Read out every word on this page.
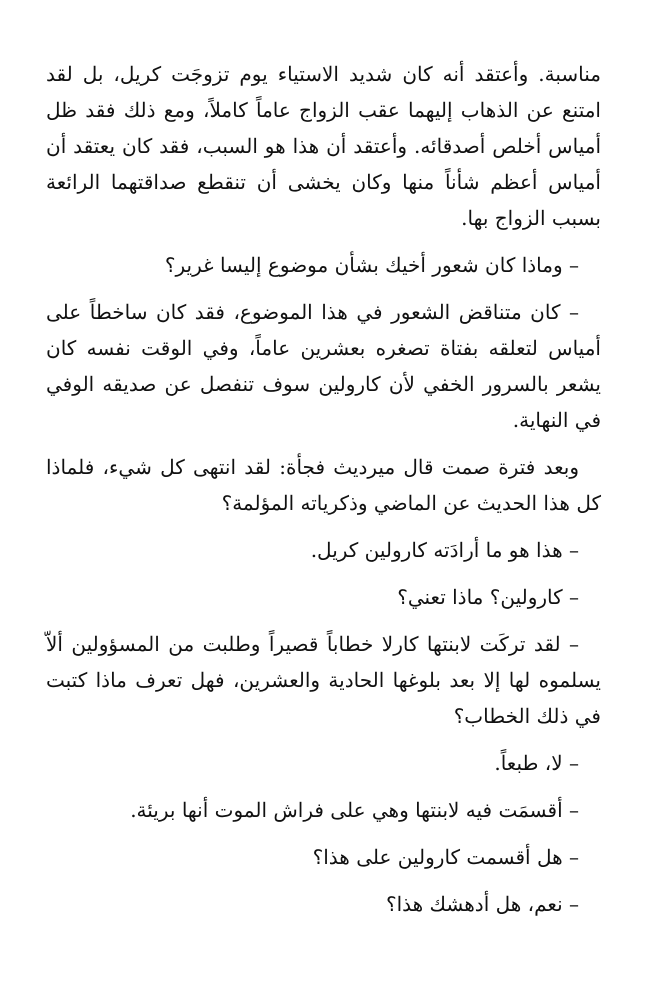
مناسبة. وأعتقد أنه كان شديد الاستياء يوم تزوجَت كريل، بل لقد امتنع عن الذهاب إليهما عقب الزواج عاماً كاملاً، ومع ذلك فقد ظل أمياس أخلص أصدقائه. وأعتقد أن هذا هو السبب، فقد كان يعتقد أن أمياس أعظم شأناً منها وكان يخشى أن تنقطع صداقتهما الرائعة بسبب الزواج بها.

– وماذا كان شعور أخيك بشأن موضوع إليسا غرير؟

– كان متناقض الشعور في هذا الموضوع، فقد كان ساخطاً على أمياس لتعلقه بفتاة تصغره بعشرين عاماً، وفي الوقت نفسه كان يشعر بالسرور الخفي لأن كارولين سوف تنفصل عن صديقه الوفي في النهاية.

وبعد فترة صمت قال ميرديث فجأة: لقد انتهى كل شيء، فلماذا كل هذا الحديث عن الماضي وذكرياته المؤلمة؟

– هذا هو ما أرادَته كارولين كريل.

– كارولين؟ ماذا تعني؟

– لقد تركَت لابنتها كارلا خطاباً قصيراً وطلبت من المسؤولين ألاّ يسلموه لها إلا بعد بلوغها الحادية والعشرين، فهل تعرف ماذا كتبت في ذلك الخطاب؟

– لا، طبعاً.

– أقسمَت فيه لابنتها وهي على فراش الموت أنها بريئة.

– هل أقسمت كارولين على هذا؟

– نعم، هل أدهشك هذا؟
